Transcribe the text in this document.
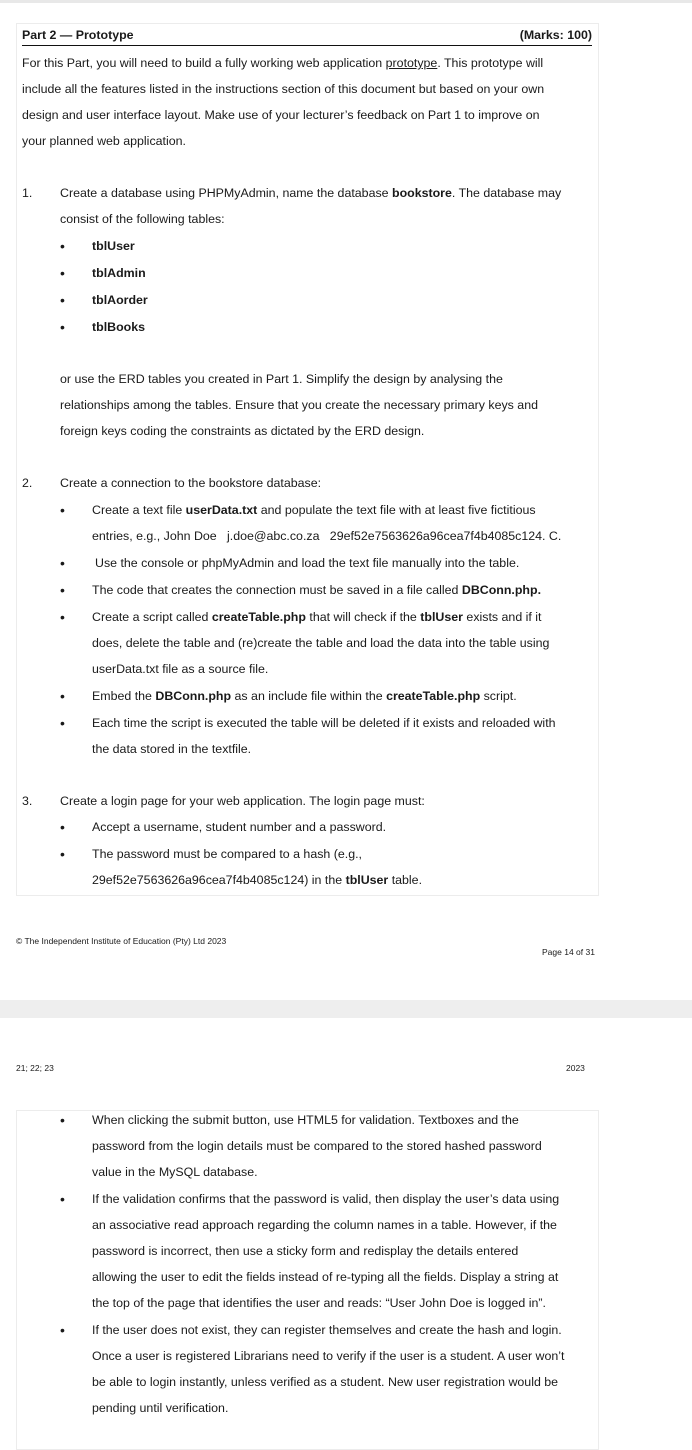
Part 2 — Prototype	(Marks: 100)
For this Part, you will need to build a fully working web application prototype. This prototype will
include all the features listed in the instructions section of this document but based on your own
design and user interface layout. Make use of your lecturer’s feedback on Part 1 to improve on
your planned web application.
1. Create a database using PHPMyAdmin, name the database bookstore. The database may
consist of the following tables:
• tblUser
• tblAdmin
• tblAorder
• tblBooks
or use the ERD tables you created in Part 1. Simplify the design by analysing the
relationships among the tables. Ensure that you create the necessary primary keys and
foreign keys coding the constraints as dictated by the ERD design.
2. Create a connection to the bookstore database:
• Create a text file userData.txt and populate the text file with at least five fictitious
entries, e.g., John Doe   j.doe@abc.co.za   29ef52e7563626a96cea7f4b4085c124. C.
• Use the console or phpMyAdmin and load the text file manually into the table.
• The code that creates the connection must be saved in a file called DBConn.php.
• Create a script called createTable.php that will check if the tblUser exists and if it
does, delete the table and (re)create the table and load the data into the table using
userData.txt file as a source file.
• Embed the DBConn.php as an include file within the createTable.php script.
• Each time the script is executed the table will be deleted if it exists and reloaded with
the data stored in the textfile.
3. Create a login page for your web application. The login page must:
• Accept a username, student number and a password.
• The password must be compared to a hash (e.g.,
29ef52e7563626a96cea7f4b4085c124) in the tblUser table.
© The Independent Institute of Education (Pty) Ltd 2023
Page 14 of 31
21; 22; 23	2023
• When clicking the submit button, use HTML5 for validation. Textboxes and the
password from the login details must be compared to the stored hashed password
value in the MySQL database.
• If the validation confirms that the password is valid, then display the user’s data using
an associative read approach regarding the column names in a table. However, if the
password is incorrect, then use a sticky form and redisplay the details entered
allowing the user to edit the fields instead of re-typing all the fields. Display a string at
the top of the page that identifies the user and reads: “User John Doe is logged in”.
• If the user does not exist, they can register themselves and create the hash and login.
Once a user is registered Librarians need to verify if the user is a student. A user won’t
be able to login instantly, unless verified as a student. New user registration would be
pending until verification.
